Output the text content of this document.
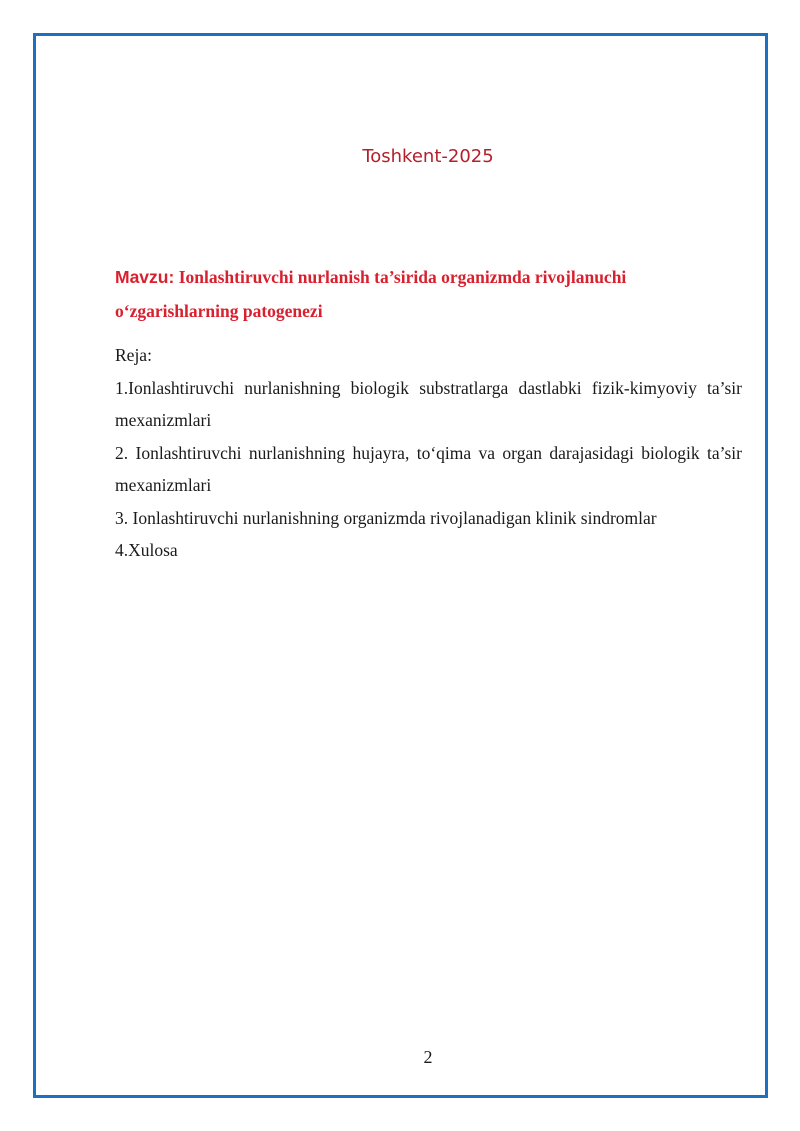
Toshkent-2025
Mavzu: Ionlashtiruvchi nurlanish ta’sirida organizmda rivojlanuchi o‘zgarishlarning patogenezi

Reja:

1.Ionlashtiruvchi nurlanishning biologik substratlarga dastlabki fizik-kimyoviy ta’sir mexanizmlari

2. Ionlashtiruvchi nurlanishning hujayra, to‘qima va organ darajasidagi biologik ta’sir mexanizmlari

3. Ionlashtiruvchi nurlanishning organizmda rivojlanadigan klinik sindromlar

4.Xulosa

2
